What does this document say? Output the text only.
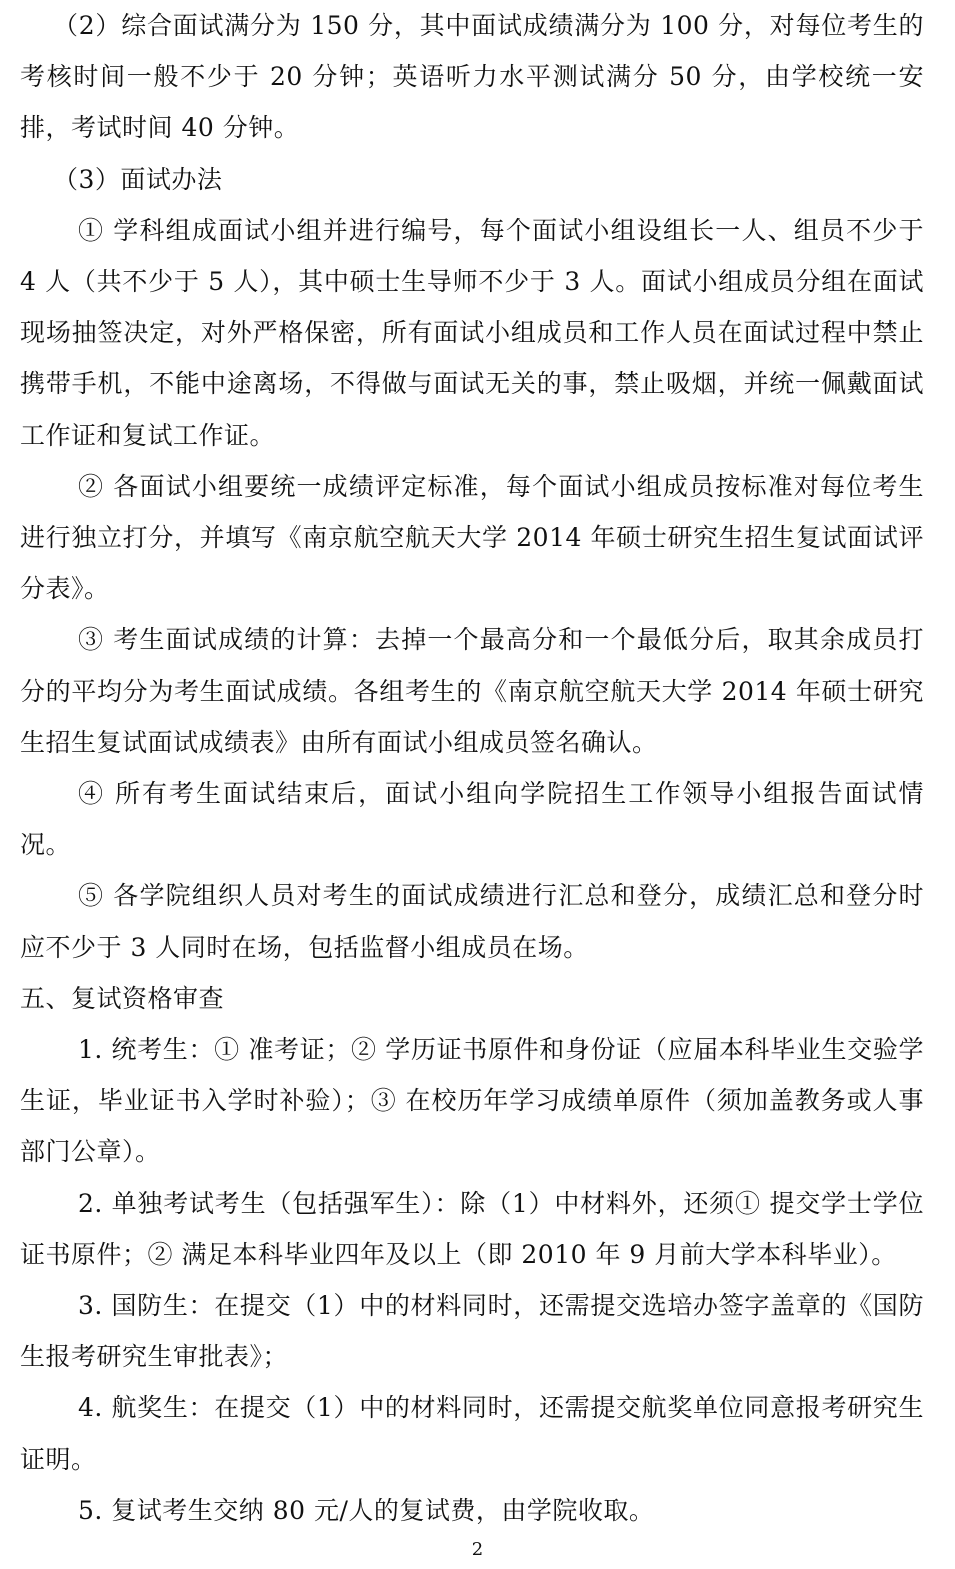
（2）综合面试满分为 150 分，其中面试成绩满分为 100 分，对每位考生的考核时间一般不少于 20 分钟；英语听力水平测试满分 50 分，由学校统一安排，考试时间 40 分钟。

（3）面试办法

① 学科组成面试小组并进行编号，每个面试小组设组长一人、组员不少于 4 人（共不少于 5 人），其中硕士生导师不少于 3 人。面试小组成员分组在面试现场抽签决定，对外严格保密，所有面试小组成员和工作人员在面试过程中禁止携带手机，不能中途离场，不得做与面试无关的事，禁止吸烟，并统一佩戴面试工作证和复试工作证。

② 各面试小组要统一成绩评定标准，每个面试小组成员按标准对每位考生进行独立打分，并填写《南京航空航天大学 2014 年硕士研究生招生复试面试评分表》。

③ 考生面试成绩的计算：去掉一个最高分和一个最低分后，取其余成员打分的平均分为考生面试成绩。各组考生的《南京航空航天大学 2014 年硕士研究生招生复试面试成绩表》由所有面试小组成员签名确认。

④ 所有考生面试结束后，面试小组向学院招生工作领导小组报告面试情况。

⑤ 各学院组织人员对考生的面试成绩进行汇总和登分，成绩汇总和登分时应不少于 3 人同时在场，包括监督小组成员在场。

五、复试资格审查

1. 统考生：① 准考证；② 学历证书原件和身份证（应届本科毕业生交验学生证，毕业证书入学时补验）；③ 在校历年学习成绩单原件（须加盖教务或人事部门公章）。

2. 单独考试考生（包括强军生）：除（1）中材料外，还须① 提交学士学位证书原件；② 满足本科毕业四年及以上（即 2010 年 9 月前大学本科毕业）。

3. 国防生：在提交（1）中的材料同时，还需提交选培办签字盖章的《国防生报考研究生审批表》；

4. 航奖生：在提交（1）中的材料同时，还需提交航奖单位同意报考研究生证明。

5. 复试考生交纳 80 元/人的复试费，由学院收取。

2
